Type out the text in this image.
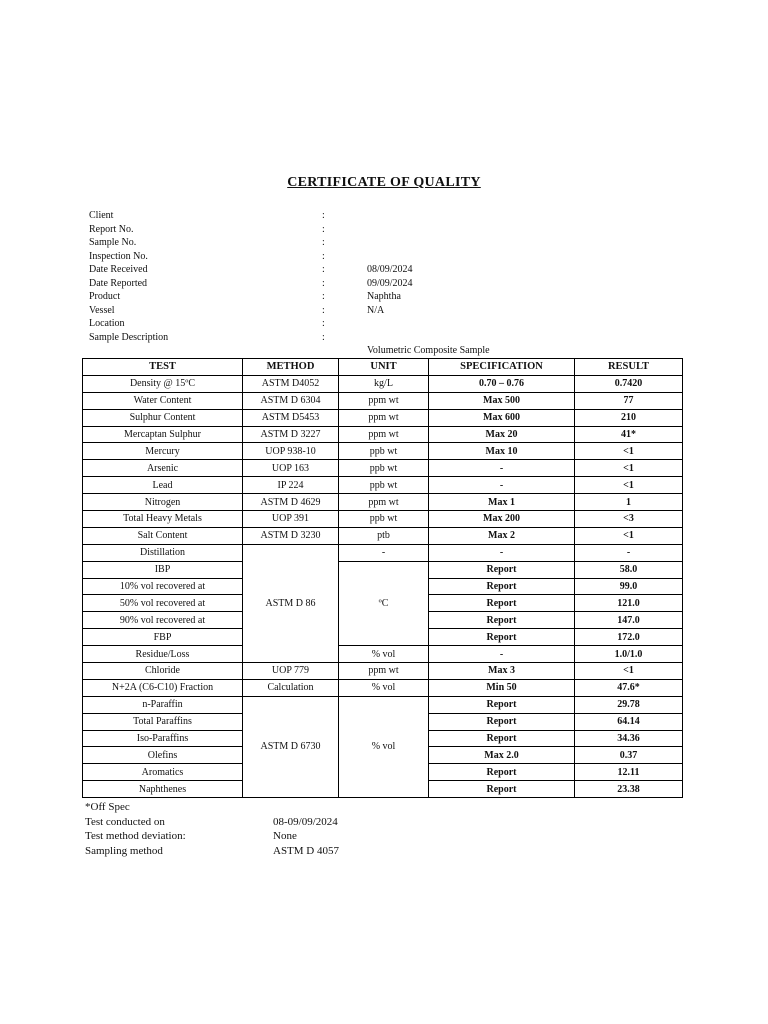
CERTIFICATE OF QUALITY
Client	:
Report No.	:
Sample No.	:
Inspection No.	:
Date Received	:	08/09/2024
Date Reported	:	09/09/2024
Product	:	Naphtha
Vessel	:	N/A
Location	:
Sample Description	:
Volumetric Composite Sample
TEST	METHOD	UNIT	SPECIFICATION	RESULT
Density @ 15ºC	ASTM D4052	kg/L	0.70 – 0.76	0.7420
Water Content	ASTM D 6304	ppm wt	Max 500	77
Sulphur Content	ASTM D5453	ppm wt	Max 600	210
Mercaptan Sulphur	ASTM D 3227	ppm wt	Max 20	41*
Mercury	UOP 938-10	ppb wt	Max 10	<1
Arsenic	UOP 163	ppb wt	-	<1
Lead	IP 224	ppb wt	-	<1
Nitrogen	ASTM D 4629	ppm wt	Max 1	1
Total Heavy Metals	UOP 391	ppb wt	Max 200	<3
Salt Content	ASTM D 3230	ptb	Max 2	<1
Distillation	ASTM D 86	-	-	-
IBP		ºC	Report	58.0
10% vol recovered at			Report	99.0
50% vol recovered at			Report	121.0
90% vol recovered at			Report	147.0
FBP			Report	172.0
Residue/Loss		% vol	-	1.0/1.0
Chloride	UOP 779	ppm wt	Max 3	<1
N+2A (C6-C10) Fraction	Calculation	% vol	Min 50	47.6*
n-Paraffin	ASTM D 6730	% vol	Report	29.78
Total Paraffins			Report	64.14
Iso-Paraffins			Report	34.36
Olefins			Max 2.0	0.37
Aromatics			Report	12.11
Naphthenes			Report	23.38
*Off Spec
Test conducted on	08-09/09/2024
Test method deviation:	None
Sampling method	ASTM D 4057
